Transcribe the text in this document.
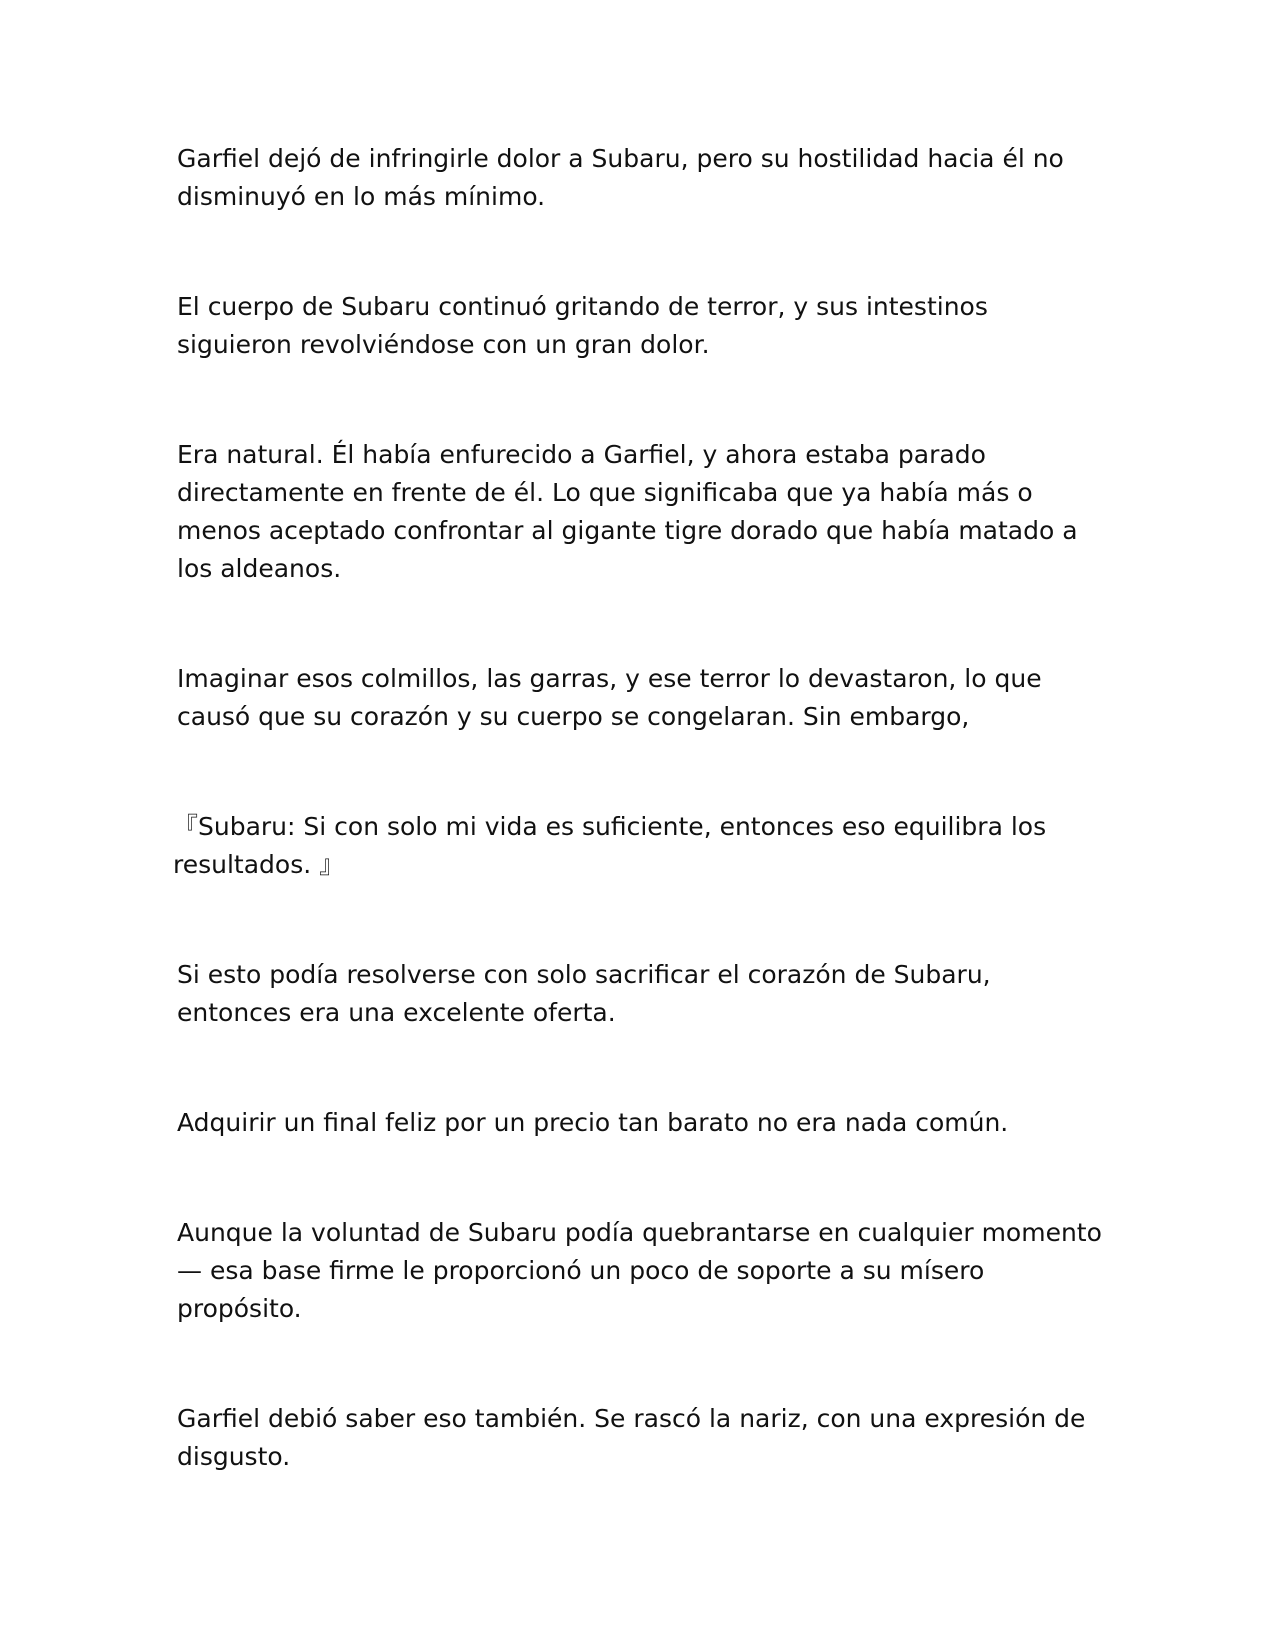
Garfiel dejó de infringirle dolor a Subaru, pero su hostilidad hacia él no disminuyó en lo más mínimo.

El cuerpo de Subaru continuó gritando de terror, y sus intestinos siguieron revolviéndose con un gran dolor.

Era natural. Él había enfurecido a Garfiel, y ahora estaba parado directamente en frente de él. Lo que significaba que ya había más o menos aceptado confrontar al gigante tigre dorado que había matado a los aldeanos.

Imaginar esos colmillos, las garras, y ese terror lo devastaron, lo que causó que su corazón y su cuerpo se congelaran. Sin embargo,

『Subaru: Si con solo mi vida es suficiente, entonces eso equilibra los resultados. 』

Si esto podía resolverse con solo sacrificar el corazón de Subaru, entonces era una excelente oferta.

Adquirir un final feliz por un precio tan barato no era nada común.

Aunque la voluntad de Subaru podía quebrantarse en cualquier momento — esa base firme le proporcionó un poco de soporte a su mísero propósito.

Garfiel debió saber eso también. Se rascó la nariz, con una expresión de disgusto.
